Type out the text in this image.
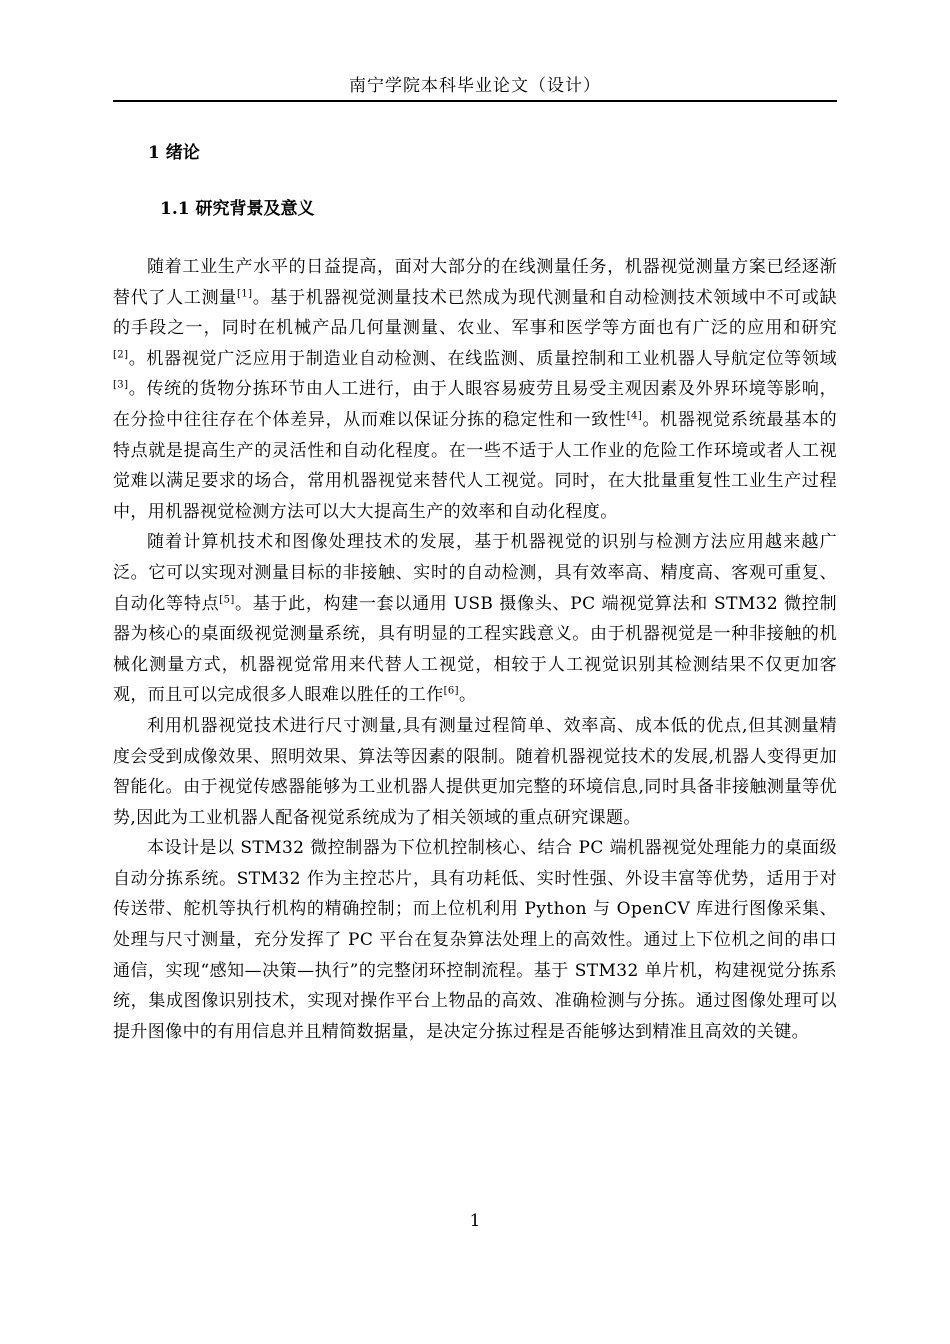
南宁学院本科毕业论文（设计）
1 绪论
1.1 研究背景及意义

随着工业生产水平的日益提高，面对大部分的在线测量任务，机器视觉测量方案已经逐渐替代了人工测量[1]。基于机器视觉测量技术已然成为现代测量和自动检测技术领域中不可或缺的手段之一，同时在机械产品几何量测量、农业、军事和医学等方面也有广泛的应用和研究[2]。机器视觉广泛应用于制造业自动检测、在线监测、质量控制和工业机器人导航定位等领域[3]。传统的货物分拣环节由人工进行，由于人眼容易疲劳且易受主观因素及外界环境等影响，在分捡中往往存在个体差异，从而难以保证分拣的稳定性和一致性[4]。机器视觉系统最基本的特点就是提高生产的灵活性和自动化程度。在一些不适于人工作业的危险工作环境或者人工视觉难以满足要求的场合，常用机器视觉来替代人工视觉。同时，在大批量重复性工业生产过程中，用机器视觉检测方法可以大大提高生产的效率和自动化程度。

随着计算机技术和图像处理技术的发展，基于机器视觉的识别与检测方法应用越来越广泛。它可以实现对测量目标的非接触、实时的自动检测，具有效率高、精度高、客观可重复、自动化等特点[5]。基于此，构建一套以通用 USB 摄像头、PC 端视觉算法和 STM32 微控制器为核心的桌面级视觉测量系统，具有明显的工程实践意义。由于机器视觉是一种非接触的机械化测量方式，机器视觉常用来代替人工视觉，相较于人工视觉识别其检测结果不仅更加客观，而且可以完成很多人眼难以胜任的工作[6]。

利用机器视觉技术进行尺寸测量,具有测量过程简单、效率高、成本低的优点,但其测量精度会受到成像效果、照明效果、算法等因素的限制。随着机器视觉技术的发展,机器人变得更加智能化。由于视觉传感器能够为工业机器人提供更加完整的环境信息,同时具备非接触测量等优势,因此为工业机器人配备视觉系统成为了相关领域的重点研究课题。

本设计是以 STM32 微控制器为下位机控制核心、结合 PC 端机器视觉处理能力的桌面级自动分拣系统。STM32 作为主控芯片，具有功耗低、实时性强、外设丰富等优势，适用于对传送带、舵机等执行机构的精确控制；而上位机利用 Python 与 OpenCV 库进行图像采集、处理与尺寸测量，充分发挥了 PC 平台在复杂算法处理上的高效性。通过上下位机之间的串口通信，实现“感知—决策—执行”的完整闭环控制流程。基于 STM32 单片机，构建视觉分拣系统，集成图像识别技术，实现对操作平台上物品的高效、准确检测与分拣。通过图像处理可以提升图像中的有用信息并且精简数据量，是决定分拣过程是否能够达到精准且高效的关键。

1
